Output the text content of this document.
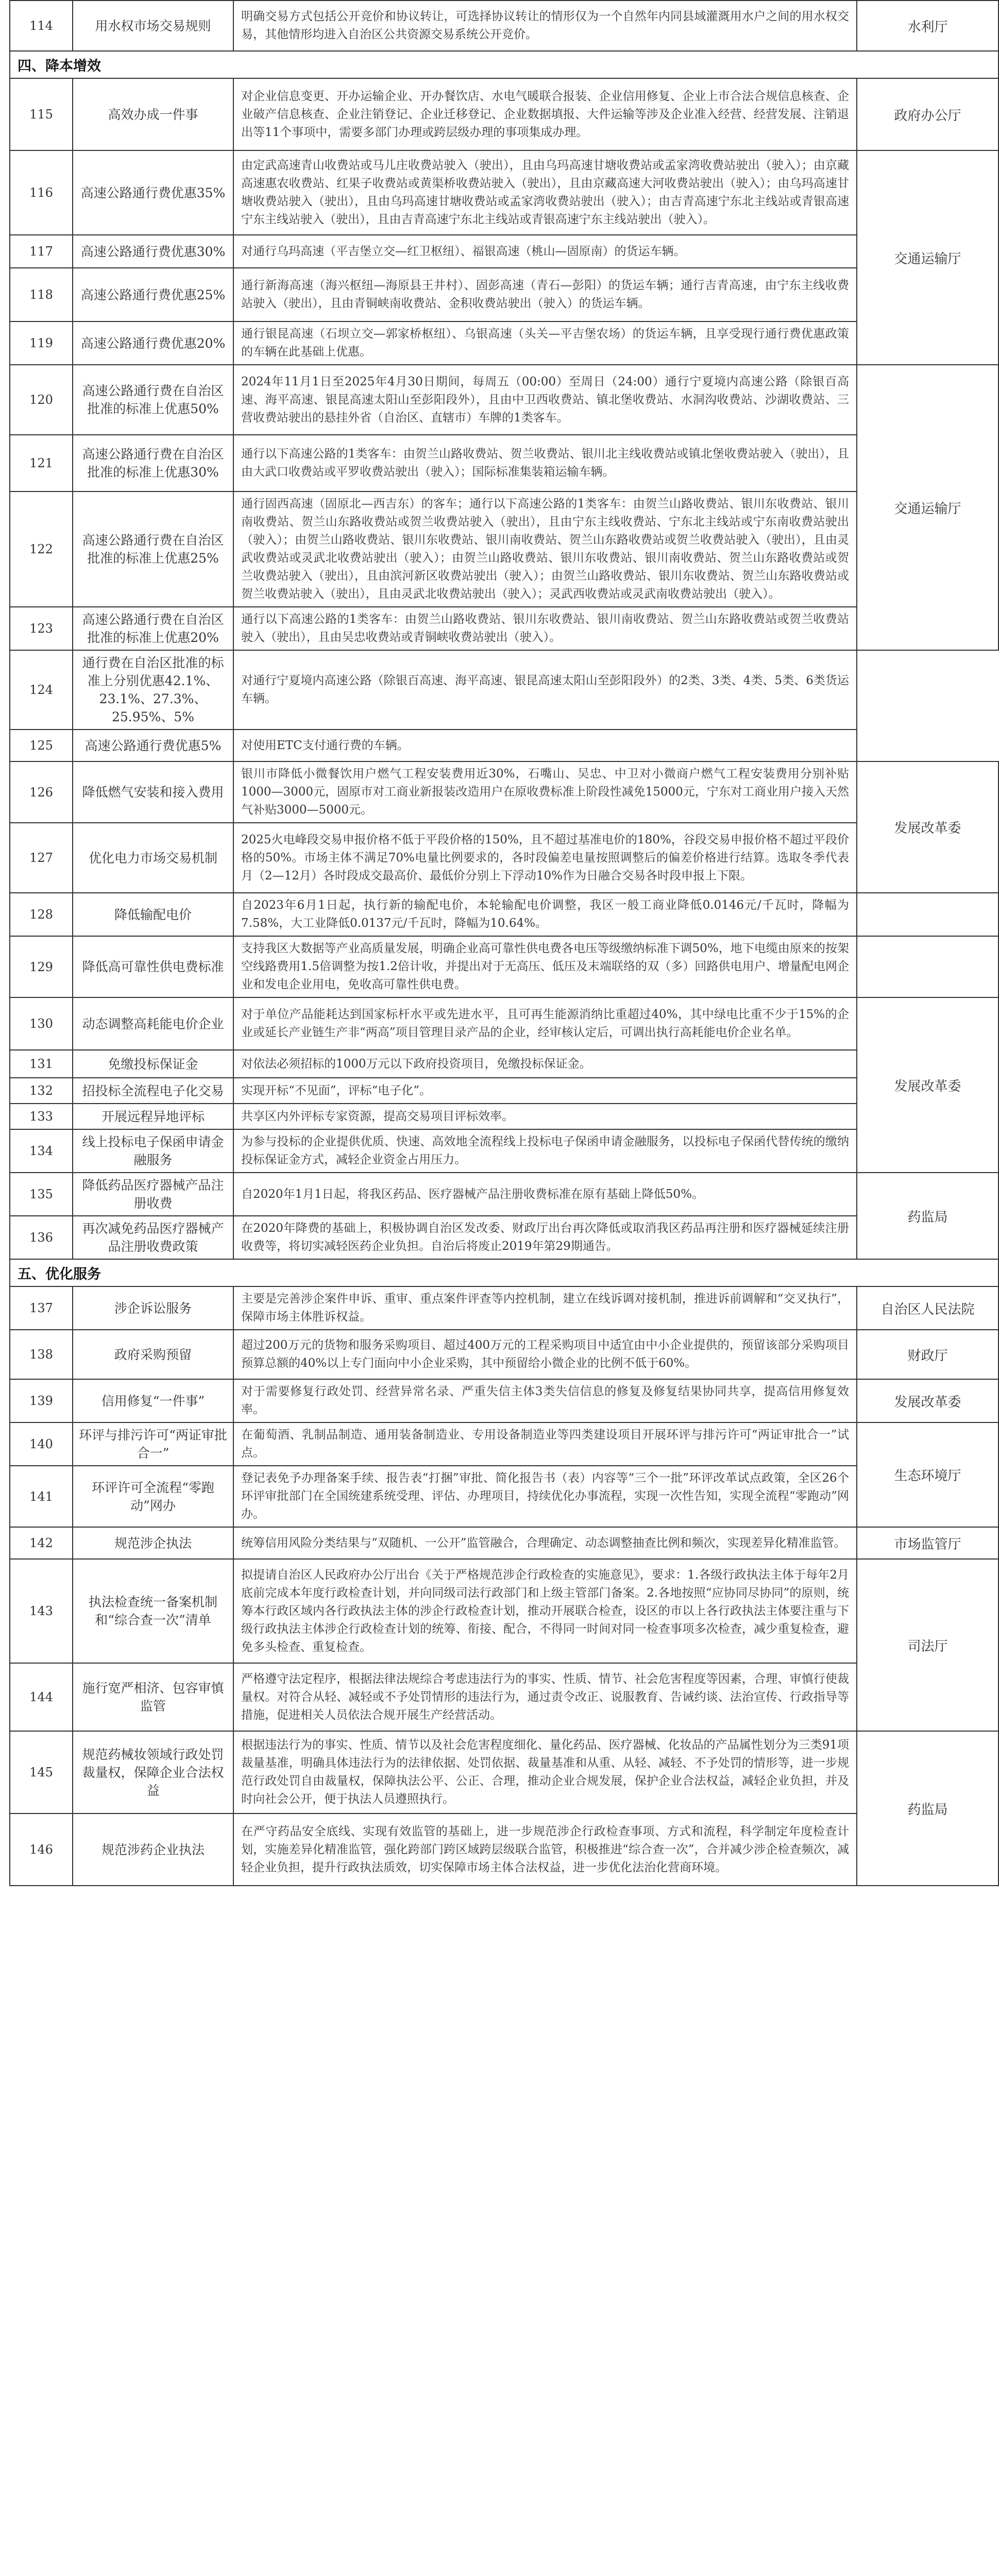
114	用水权市场交易规则	明确交易方式包括公开竞价和协议转让，可选择协议转让的情形仅为一个自然年内同县域灌溉用水户之间的用水权交易，其他情形均进入自治区公共资源交易系统公开竞价。	水利厅
四、降本增效			
115	高效办成一件事	对企业信息变更、开办运输企业、开办餐饮店、水电气暖联合报装、企业信用修复、企业上市合法合规信息核查、企业破产信息核查、企业注销登记、企业迁移登记、企业数据填报、大件运输等涉及企业准入经营、经营发展、注销退出等11个事项中，需要多部门办理或跨层级办理的事项集成办理。	政府办公厅
116	高速公路通行费优惠35%	由定武高速青山收费站或马儿庄收费站驶入（驶出），且由乌玛高速甘塘收费站或孟家湾收费站驶出（驶入）；由京藏高速惠农收费站、红果子收费站或黄渠桥收费站驶入（驶出），且由京藏高速大河收费站驶出（驶入）；由乌玛高速甘塘收费站驶入（驶出），且由乌玛高速甘塘收费站或孟家湾收费站驶出（驶入）；由吉青高速宁东北主线站或青银高速宁东主线站驶入（驶出），且由吉青高速宁东北主线站或青银高速宁东主线站驶出（驶入）。	交通运输厅
117	高速公路通行费优惠30%	对通行乌玛高速（平吉堡立交—红卫枢纽）、福银高速（桃山—固原南）的货运车辆。	
118	高速公路通行费优惠25%	通行新海高速（海兴枢纽—海原县王井村）、固彭高速（青石—彭阳）的货运车辆；通行吉青高速，由宁东主线收费站驶入（驶出），且由青铜峡南收费站、金积收费站驶出（驶入）的货运车辆。	
119	高速公路通行费优惠20%	通行银昆高速（石坝立交—郭家桥枢纽）、乌银高速（头关—平吉堡农场）的货运车辆，且享受现行通行费优惠政策的车辆在此基础上优惠。	
120	高速公路通行费在自治区批准的标准上优惠50%	2024年11月1日至2025年4月30日期间，每周五（00:00）至周日（24:00）通行宁夏境内高速公路（除银百高速、海平高速、银昆高速太阳山至彭阳段外），且由中卫西收费站、镇北堡收费站、水洞沟收费站、沙湖收费站、三营收费站驶出的悬挂外省（自治区、直辖市）车牌的1类客车。	交通运输厅
121	高速公路通行费在自治区批准的标准上优惠30%	通行以下高速公路的1类客车：由贺兰山路收费站、贺兰收费站、银川北主线收费站或镇北堡收费站驶入（驶出），且由大武口收费站或平罗收费站驶出（驶入）；国际标准集装箱运输车辆。	
122	高速公路通行费在自治区批准的标准上优惠25%	通行固西高速（固原北—西吉东）的客车；通行以下高速公路的1类客车：由贺兰山路收费站、银川东收费站、银川南收费站、贺兰山东路收费站或贺兰收费站驶入（驶出），且由宁东主线收费站、宁东北主线站或宁东南收费站驶出（驶入）；由贺兰山路收费站、银川东收费站、银川南收费站、贺兰山东路收费站或贺兰收费站驶入（驶出），且由灵武收费站或灵武北收费站驶出（驶入）；由贺兰山路收费站、银川东收费站、银川南收费站、贺兰山东路收费站或贺兰收费站驶入（驶出），且由滨河新区收费站驶出（驶入）；由贺兰山路收费站、银川东收费站、贺兰山东路收费站或贺兰收费站驶入（驶出），且由灵武北收费站驶出（驶入）；灵武西收费站或灵武南收费站驶出（驶入）。	
123	高速公路通行费在自治区批准的标准上优惠20%	通行以下高速公路的1类客车：由贺兰山路收费站、银川东收费站、银川南收费站、贺兰山东路收费站或贺兰收费站驶入（驶出），且由吴忠收费站或青铜峡收费站驶出（驶入）。	
124	通行费在自治区批准的标准上分别优惠42.1%、23.1%、27.3%、25.95%、5%	对通行宁夏境内高速公路（除银百高速、海平高速、银昆高速太阳山至彭阳段外）的2类、3类、4类、5类、6类货运车辆。	
125	高速公路通行费优惠5%	对使用ETC支付通行费的车辆。	
126	降低燃气安装和接入费用	银川市降低小微餐饮用户燃气工程安装费用近30%，石嘴山、吴忠、中卫对小微商户燃气工程安装费用分别补贴1000—3000元，固原市对工商业新报装改造用户在原收费标准上阶段性减免15000元，宁东对工商业用户接入天然气补贴3000—5000元。	发展改革委
127	优化电力市场交易机制	2025火电峰段交易申报价格不低于平段价格的150%，且不超过基准电价的180%，谷段交易申报价格不超过平段价格的50%。市场主体不满足70%电量比例要求的，各时段偏差电量按照调整后的偏差价格进行结算。选取冬季代表月（2—12月）各时段成交最高价、最低价分别上下浮动10%作为日融合交易各时段申报上下限。	
128	降低输配电价	自2023年6月1日起，执行新的输配电价，本轮输配电价调整，我区一般工商业降低0.0146元/千瓦时，降幅为7.58%，大工业降低0.0137元/千瓦时，降幅为10.64%。	
129	降低高可靠性供电费标准	支持我区大数据等产业高质量发展，明确企业高可靠性供电费各电压等级缴纳标准下调50%，地下电缆由原来的按架空线路费用1.5倍调整为按1.2倍计收，并提出对于无高压、低压及末端联络的双（多）回路供电用户、增量配电网企业和发电企业用电，免收高可靠性供电费。	
130	动态调整高耗能电价企业	对于单位产品能耗达到国家标杆水平或先进水平，且可再生能源消纳比重超过40%，其中绿电比重不少于15%的企业或延长产业链生产非“两高”项目管理目录产品的企业，经审核认定后，可调出执行高耗能电价企业名单。	发展改革委
131	免缴投标保证金	对依法必须招标的1000万元以下政府投资项目，免缴投标保证金。	
132	招投标全流程电子化交易	实现开标“不见面”，评标“电子化”。	
133	开展远程异地评标	共享区内外评标专家资源，提高交易项目评标效率。	
134	线上投标电子保函申请金融服务	为参与投标的企业提供优质、快速、高效地全流程线上投标电子保函申请金融服务，以投标电子保函代替传统的缴纳投标保证金方式，减轻企业资金占用压力。	
135	降低药品医疗器械产品注册收费	自2020年1月1日起，将我区药品、医疗器械产品注册收费标准在原有基础上降低50%。	药监局
136	再次减免药品医疗器械产品注册收费政策	在2020年降费的基础上，积极协调自治区发改委、财政厅出台再次降低或取消我区药品再注册和医疗器械延续注册收费等，将切实减轻医药企业负担。自治后将废止2019年第29期通告。	
五、优化服务			
137	涉企诉讼服务	主要是完善涉企案件申诉、重审、重点案件评查等内控机制，建立在线诉调对接机制，推进诉前调解和“交叉执行”，保障市场主体胜诉权益。	自治区人民法院
138	政府采购预留	超过200万元的货物和服务采购项目、超过400万元的工程采购项目中适宜由中小企业提供的，预留该部分采购项目预算总额的40%以上专门面向中小企业采购，其中预留给小微企业的比例不低于60%。	财政厅
139	信用修复“一件事”	对于需要修复行政处罚、经营异常名录、严重失信主体3类失信信息的修复及修复结果协同共享，提高信用修复效率。	发展改革委
140	环评与排污许可“两证审批合一”	在葡萄酒、乳制品制造、通用装备制造业、专用设备制造业等四类建设项目开展环评与排污许可“两证审批合一”试点。	生态环境厅
141	环评许可全流程“零跑动”网办	登记表免予办理备案手续、报告表“打捆”审批、简化报告书（表）内容等“三个一批”环评改革试点政策，全区26个环评审批部门在全国统建系统受理、评估、办理项目，持续优化办事流程，实现一次性告知，实现全流程“零跑动”网办。	
142	规范涉企执法	统筹信用风险分类结果与“双随机、一公开”监管融合，合理确定、动态调整抽查比例和频次，实现差异化精准监管。	市场监管厅
143	执法检查统一备案机制和“综合查一次”清单	拟提请自治区人民政府办公厅出台《关于严格规范涉企行政检查的实施意见》，要求：1.各级行政执法主体于每年2月底前完成本年度行政检查计划，并向同级司法行政部门和上级主管部门备案。2.各地按照“应协同尽协同”的原则，统筹本行政区域内各行政执法主体的涉企行政检查计划，推动开展联合检查，设区的市以上各行政执法主体要注重与下级行政执法主体涉企行政检查计划的统筹、衔接、配合，不得同一时间对同一检查事项多次检查，减少重复检查，避免多头检查、重复检查。	司法厅
144	施行宽严相济、包容审慎监管	严格遵守法定程序，根据法律法规综合考虑违法行为的事实、性质、情节、社会危害程度等因素，合理、审慎行使裁量权。对符合从轻、减轻或不予处罚情形的违法行为，通过责令改正、说服教育、告诫约谈、法治宣传、行政指导等措施，促进相关人员依法合规开展生产经营活动。	
145	规范药械妆领域行政处罚裁量权，保障企业合法权益	根据违法行为的事实、性质、情节以及社会危害程度细化、量化药品、医疗器械、化妆品的产品属性划分为三类91项裁量基准，明确具体违法行为的法律依据、处罚依据、裁量基准和从重、从轻、减轻、不予处罚的情形等，进一步规范行政处罚自由裁量权，保障执法公平、公正、合理，推动企业合规发展，保护企业合法权益，减轻企业负担，并及时向社会公开，便于执法人员遵照执行。	药监局
146	规范涉药企业执法	在严守药品安全底线、实现有效监管的基础上，进一步规范涉企行政检查事项、方式和流程，科学制定年度检查计划，实施差异化精准监管，强化跨部门跨区域跨层级联合监管，积极推进“综合查一次”，合并减少涉企检查频次，减轻企业负担，提升行政执法质效，切实保障市场主体合法权益，进一步优化法治化营商环境。	
